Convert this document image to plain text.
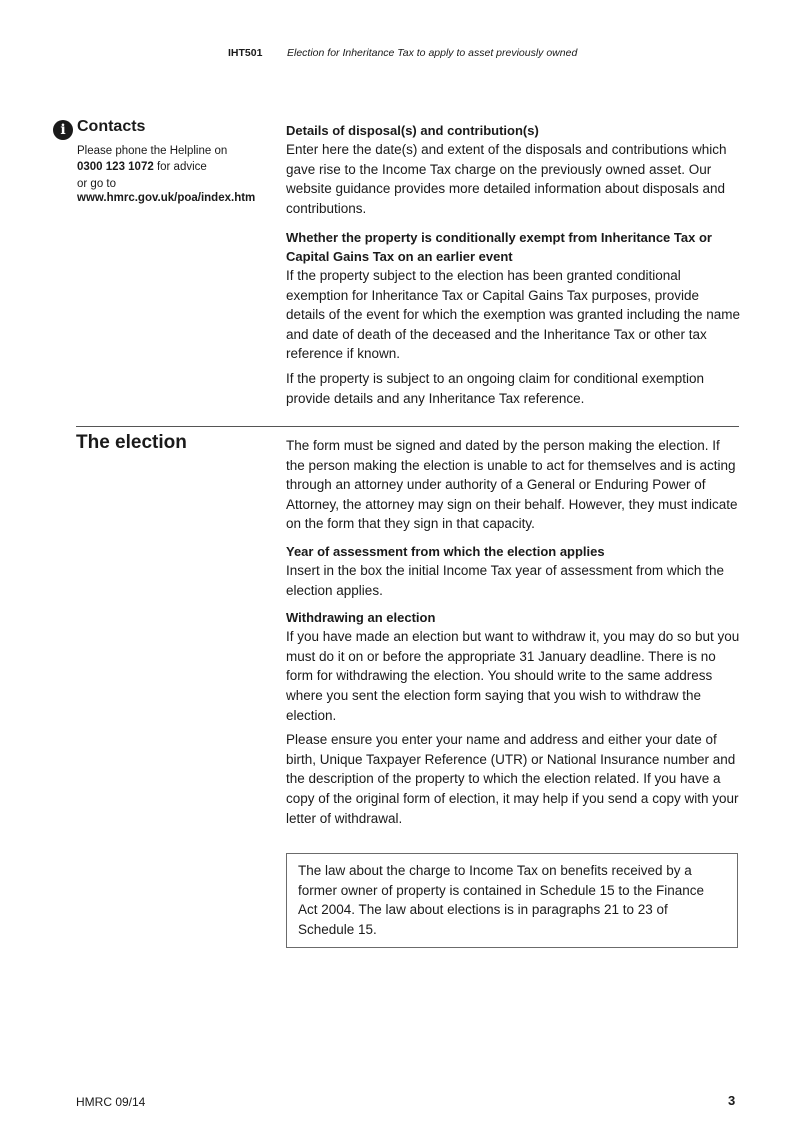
IHT501 Election for Inheritance Tax to apply to asset previously owned
i Contacts
Please phone the Helpline on
0300 123 1072 for advice
or go to
www.hmrc.gov.uk/poa/index.htm
Details of disposal(s) and contribution(s)

Enter here the date(s) and extent of the disposals and contributions which gave rise to the Income Tax charge on the previously owned asset. Our website guidance provides more detailed information about disposals and contributions.

Whether the property is conditionally exempt from Inheritance Tax or Capital Gains Tax on an earlier event

If the property subject to the election has been granted conditional exemption for Inheritance Tax or Capital Gains Tax purposes, provide details of the event for which the exemption was granted including the name and date of death of the deceased and the Inheritance Tax or other tax reference if known.

If the property is subject to an ongoing claim for conditional exemption provide details and any Inheritance Tax reference.

The election	The form must be signed and dated by the person making the election. If the person making the election is unable to act for themselves and is acting through an attorney under authority of a General or Enduring Power of Attorney, the attorney may sign on their behalf. However, they must indicate on the form that they sign in that capacity.

Year of assessment from which the election applies

Insert in the box the initial Income Tax year of assessment from which the election applies.

Withdrawing an election

If you have made an election but want to withdraw it, you may do so but you must do it on or before the appropriate 31 January deadline. There is no form for withdrawing the election. You should write to the same address where you sent the election form saying that you wish to withdraw the election.

Please ensure you enter your name and address and either your date of birth, Unique Taxpayer Reference (UTR) or National Insurance number and the description of the property to which the election related. If you have a copy of the original form of election, it may help if you send a copy with your letter of withdrawal.

The law about the charge to Income Tax on benefits received by a former owner of property is contained in Schedule 15 to the Finance Act 2004. The law about elections is in paragraphs 21 to 23 of Schedule 15.

HMRC 09/14	3
